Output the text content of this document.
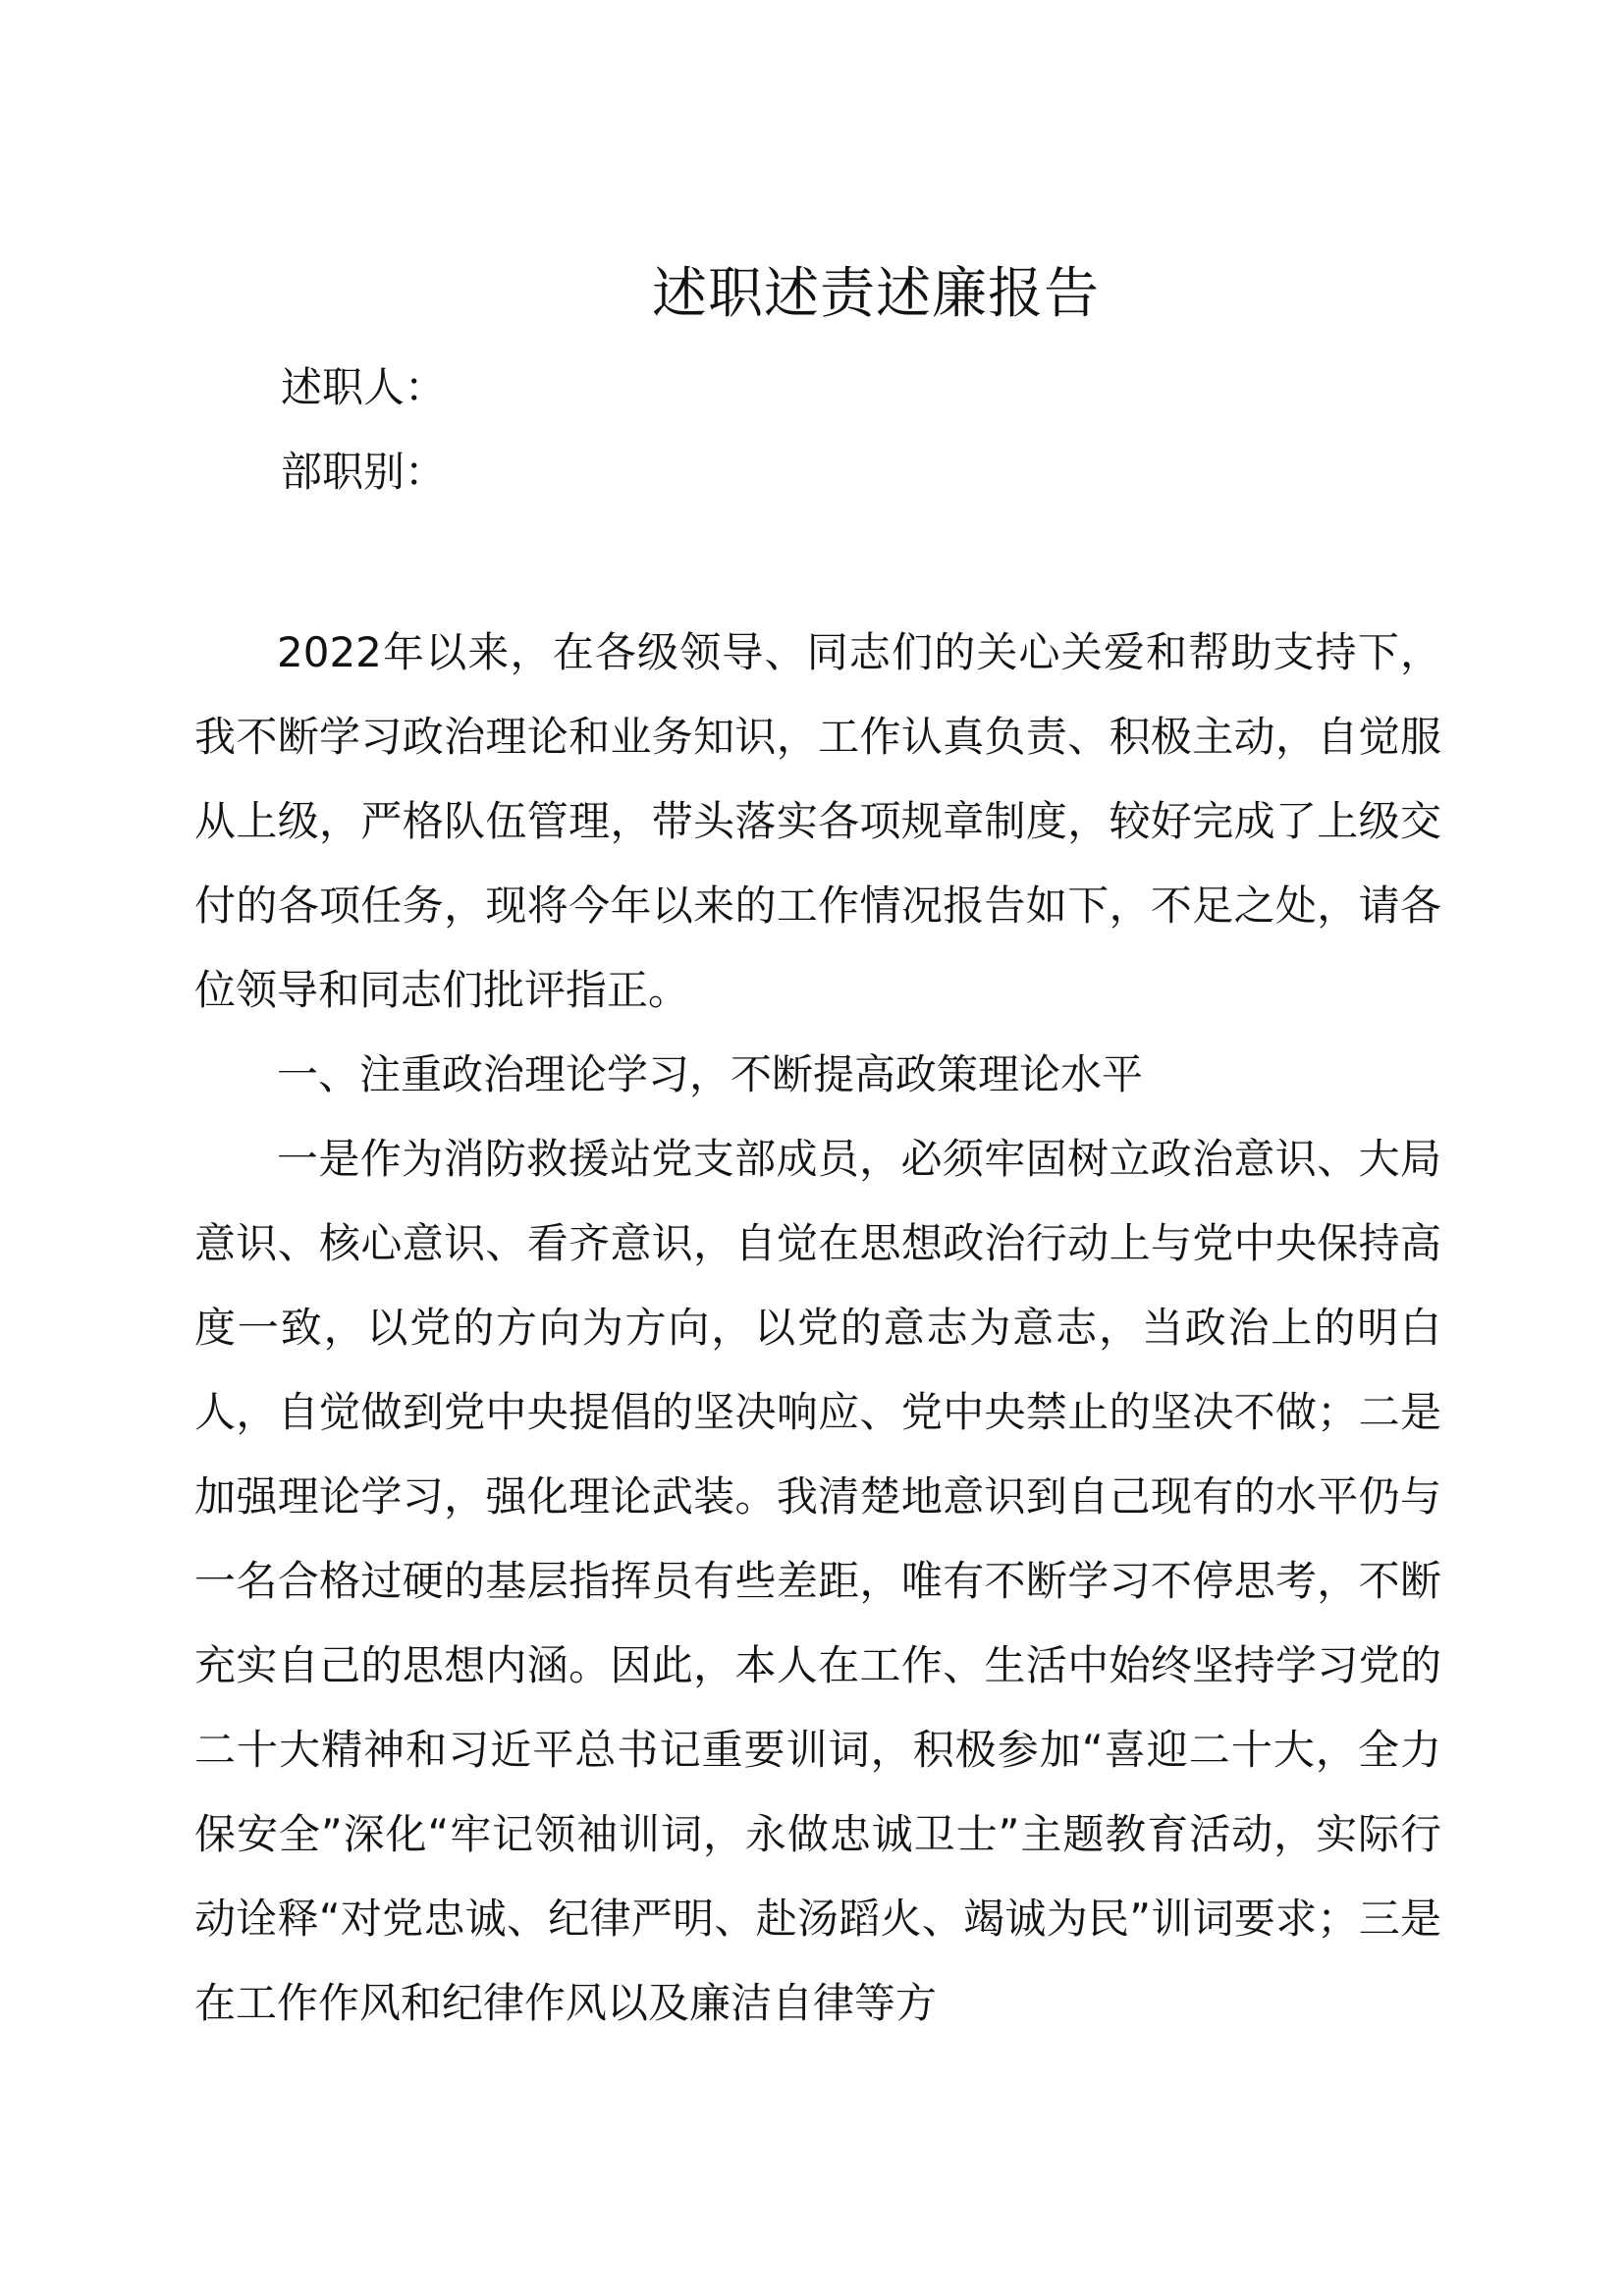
述职述责述廉报告
述职人：
部职别：

2022年以来，在各级领导、同志们的关心关爱和帮助支持下，我不断学习政治理论和业务知识，工作认真负责、积极主动，自觉服从上级，严格队伍管理，带头落实各项规章制度，较好完成了上级交付的各项任务，现将今年以来的工作情况报告如下，不足之处，请各位领导和同志们批评指正。

一、注重政治理论学习，不断提高政策理论水平

一是作为消防救援站党支部成员，必须牢固树立政治意识、大局意识、核心意识、看齐意识，自觉在思想政治行动上与党中央保持高度一致，以党的方向为方向，以党的意志为意志，当政治上的明白人，自觉做到党中央提倡的坚决响应、党中央禁止的坚决不做；二是加强理论学习，强化理论武装。我清楚地意识到自己现有的水平仍与一名合格过硬的基层指挥员有些差距，唯有不断学习不停思考，不断充实自己的思想内涵。因此，本人在工作、生活中始终坚持学习党的二十大精神和习近平总书记重要训词，积极参加“喜迎二十大，全力保安全”深化“牢记领袖训词，永做忠诚卫士”主题教育活动，实际行动诠释“对党忠诚、纪律严明、赴汤蹈火、竭诚为民”训词要求；三是在工作作风和纪律作风以及廉洁自律等方
